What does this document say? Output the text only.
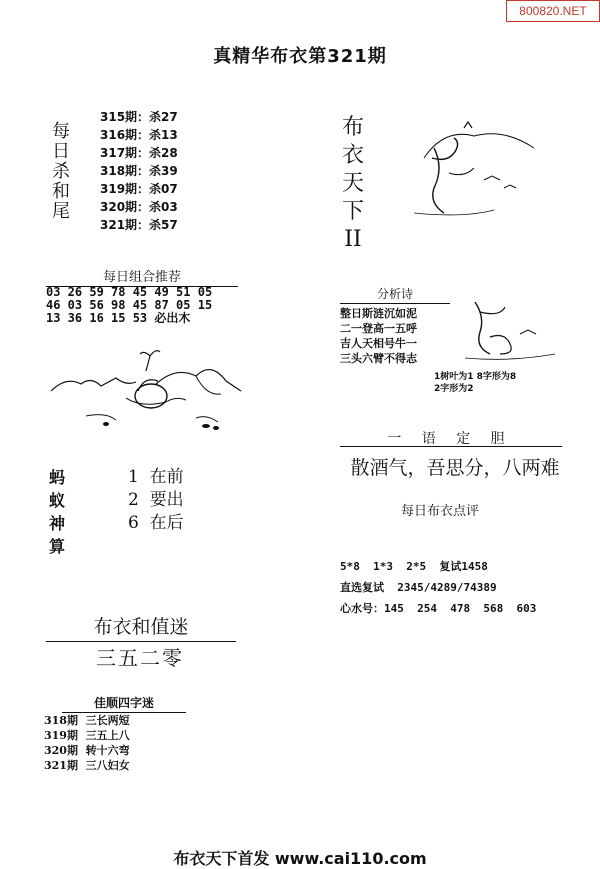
800820.NET
真精华布衣第321期
每日杀和尾
315期：杀27
316期：杀13
317期：杀28
318期：杀39
319期：杀07
320期：杀03
321期：杀57
每日组合推荐
03 26 59 78 45 49 51 05
46 03 56 98 45 87 05 15
13 36 16 15 53 必出木
蚂蚁神算
1  在前
2  要出
6  在后
布衣天下II
分析诗
整日斯涟沉如泥
二一登高一五呼
吉人天相号牛一
三头六臂不得志
1树叶为1 8字形为8
2字形为2
一 语 定 胆
散酒气，吾思分，八两难
每日布衣点评
5*8  1*3  2*5  复试1458
直选复试  2345/4289/74389
心水号：145  254  478  568  603
布衣和值迷
三五二零
佳顺四字迷
318期  三长两短
319期  三五上八
320期  转十六弯
321期  三八妇女
布衣天下首发 www.cai110.com
